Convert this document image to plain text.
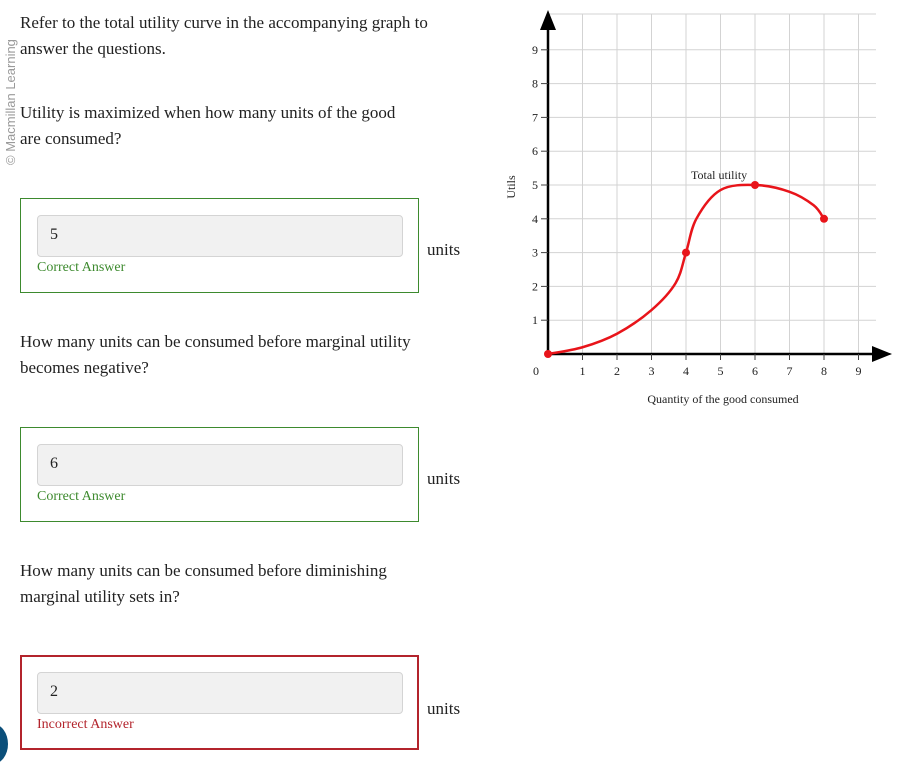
© Macmillan Learning
Refer to the total utility curve in the accompanying graph to
answer the questions.
Utility is maximized when how many units of the good
are consumed?
5
Correct Answer
units
How many units can be consumed before marginal utility
becomes negative?
6
Correct Answer
units
How many units can be consumed before diminishing
marginal utility sets in?
2
Incorrect Answer
units
1 2 3 4 5 6 7 8 9
1
2
3
4
5
6
7
8
9
Total utility
Quantity of the good consumed
Utils
0
